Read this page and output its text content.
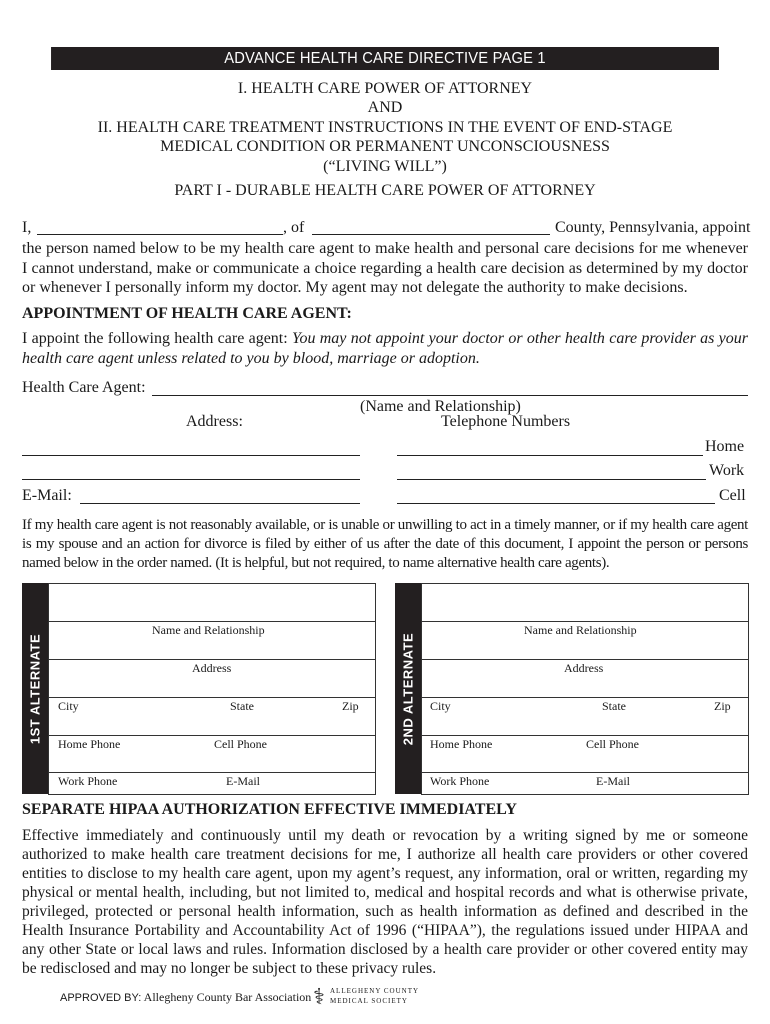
ADVANCE HEALTH CARE DIRECTIVE PAGE 1
I. HEALTH CARE POWER OF ATTORNEY
AND
II. HEALTH CARE TREATMENT INSTRUCTIONS IN THE EVENT OF END-STAGE
MEDICAL CONDITION OR PERMANENT UNCONSCIOUSNESS
(“LIVING WILL”)
PART I - DURABLE HEALTH CARE POWER OF ATTORNEY
I,	, of	County, Pennsylvania, appoint
the person named below to be my health care agent to make health and personal care decisions for me whenever I cannot understand, make or communicate a choice regarding a health care decision as determined by my doctor or whenever I personally inform my doctor. My agent may not delegate the authority to make decisions.
APPOINTMENT OF HEALTH CARE AGENT:
I appoint the following health care agent: You may not appoint your doctor or other health care provider as your health care agent unless related to you by blood, marriage or adoption.
Health Care Agent:
(Name and Relationship)
Address:	Telephone Numbers
Home
Work
E-Mail:	Cell
If my health care agent is not reasonably available, or is unable or unwilling to act in a timely manner, or if my health care agent is my spouse and an action for divorce is filed by either of us after the date of this document, I appoint the person or persons named below in the order named. (It is helpful, but not required, to name alternative health care agents).
1ST ALTERNATE
Name and Relationship
Address
City	State	Zip
Home Phone	Cell Phone
Work Phone	E-Mail
2ND ALTERNATE
Name and Relationship
Address
City	State	Zip
Home Phone	Cell Phone
Work Phone	E-Mail
SEPARATE HIPAA AUTHORIZATION EFFECTIVE IMMEDIATELY
Effective immediately and continuously until my death or revocation by a writing signed by me or someone authorized to make health care treatment decisions for me, I authorize all health care providers or other covered entities to disclose to my health care agent, upon my agent’s request, any information, oral or written, regarding my physical or mental health, including, but not limited to, medical and hospital records and what is otherwise private, privileged, protected or personal health information, such as health information as defined and described in the Health Insurance Portability and Accountability Act of 1996 (“HIPAA”), the regulations issued under HIPAA and any other State or local laws and rules. Information disclosed by a health care provider or other covered entity may be redisclosed and may no longer be subject to these privacy rules.
APPROVED BY: Allegheny County Bar Association ⚕ ALLEGHENY COUNTY
MEDICAL SOCIETY
